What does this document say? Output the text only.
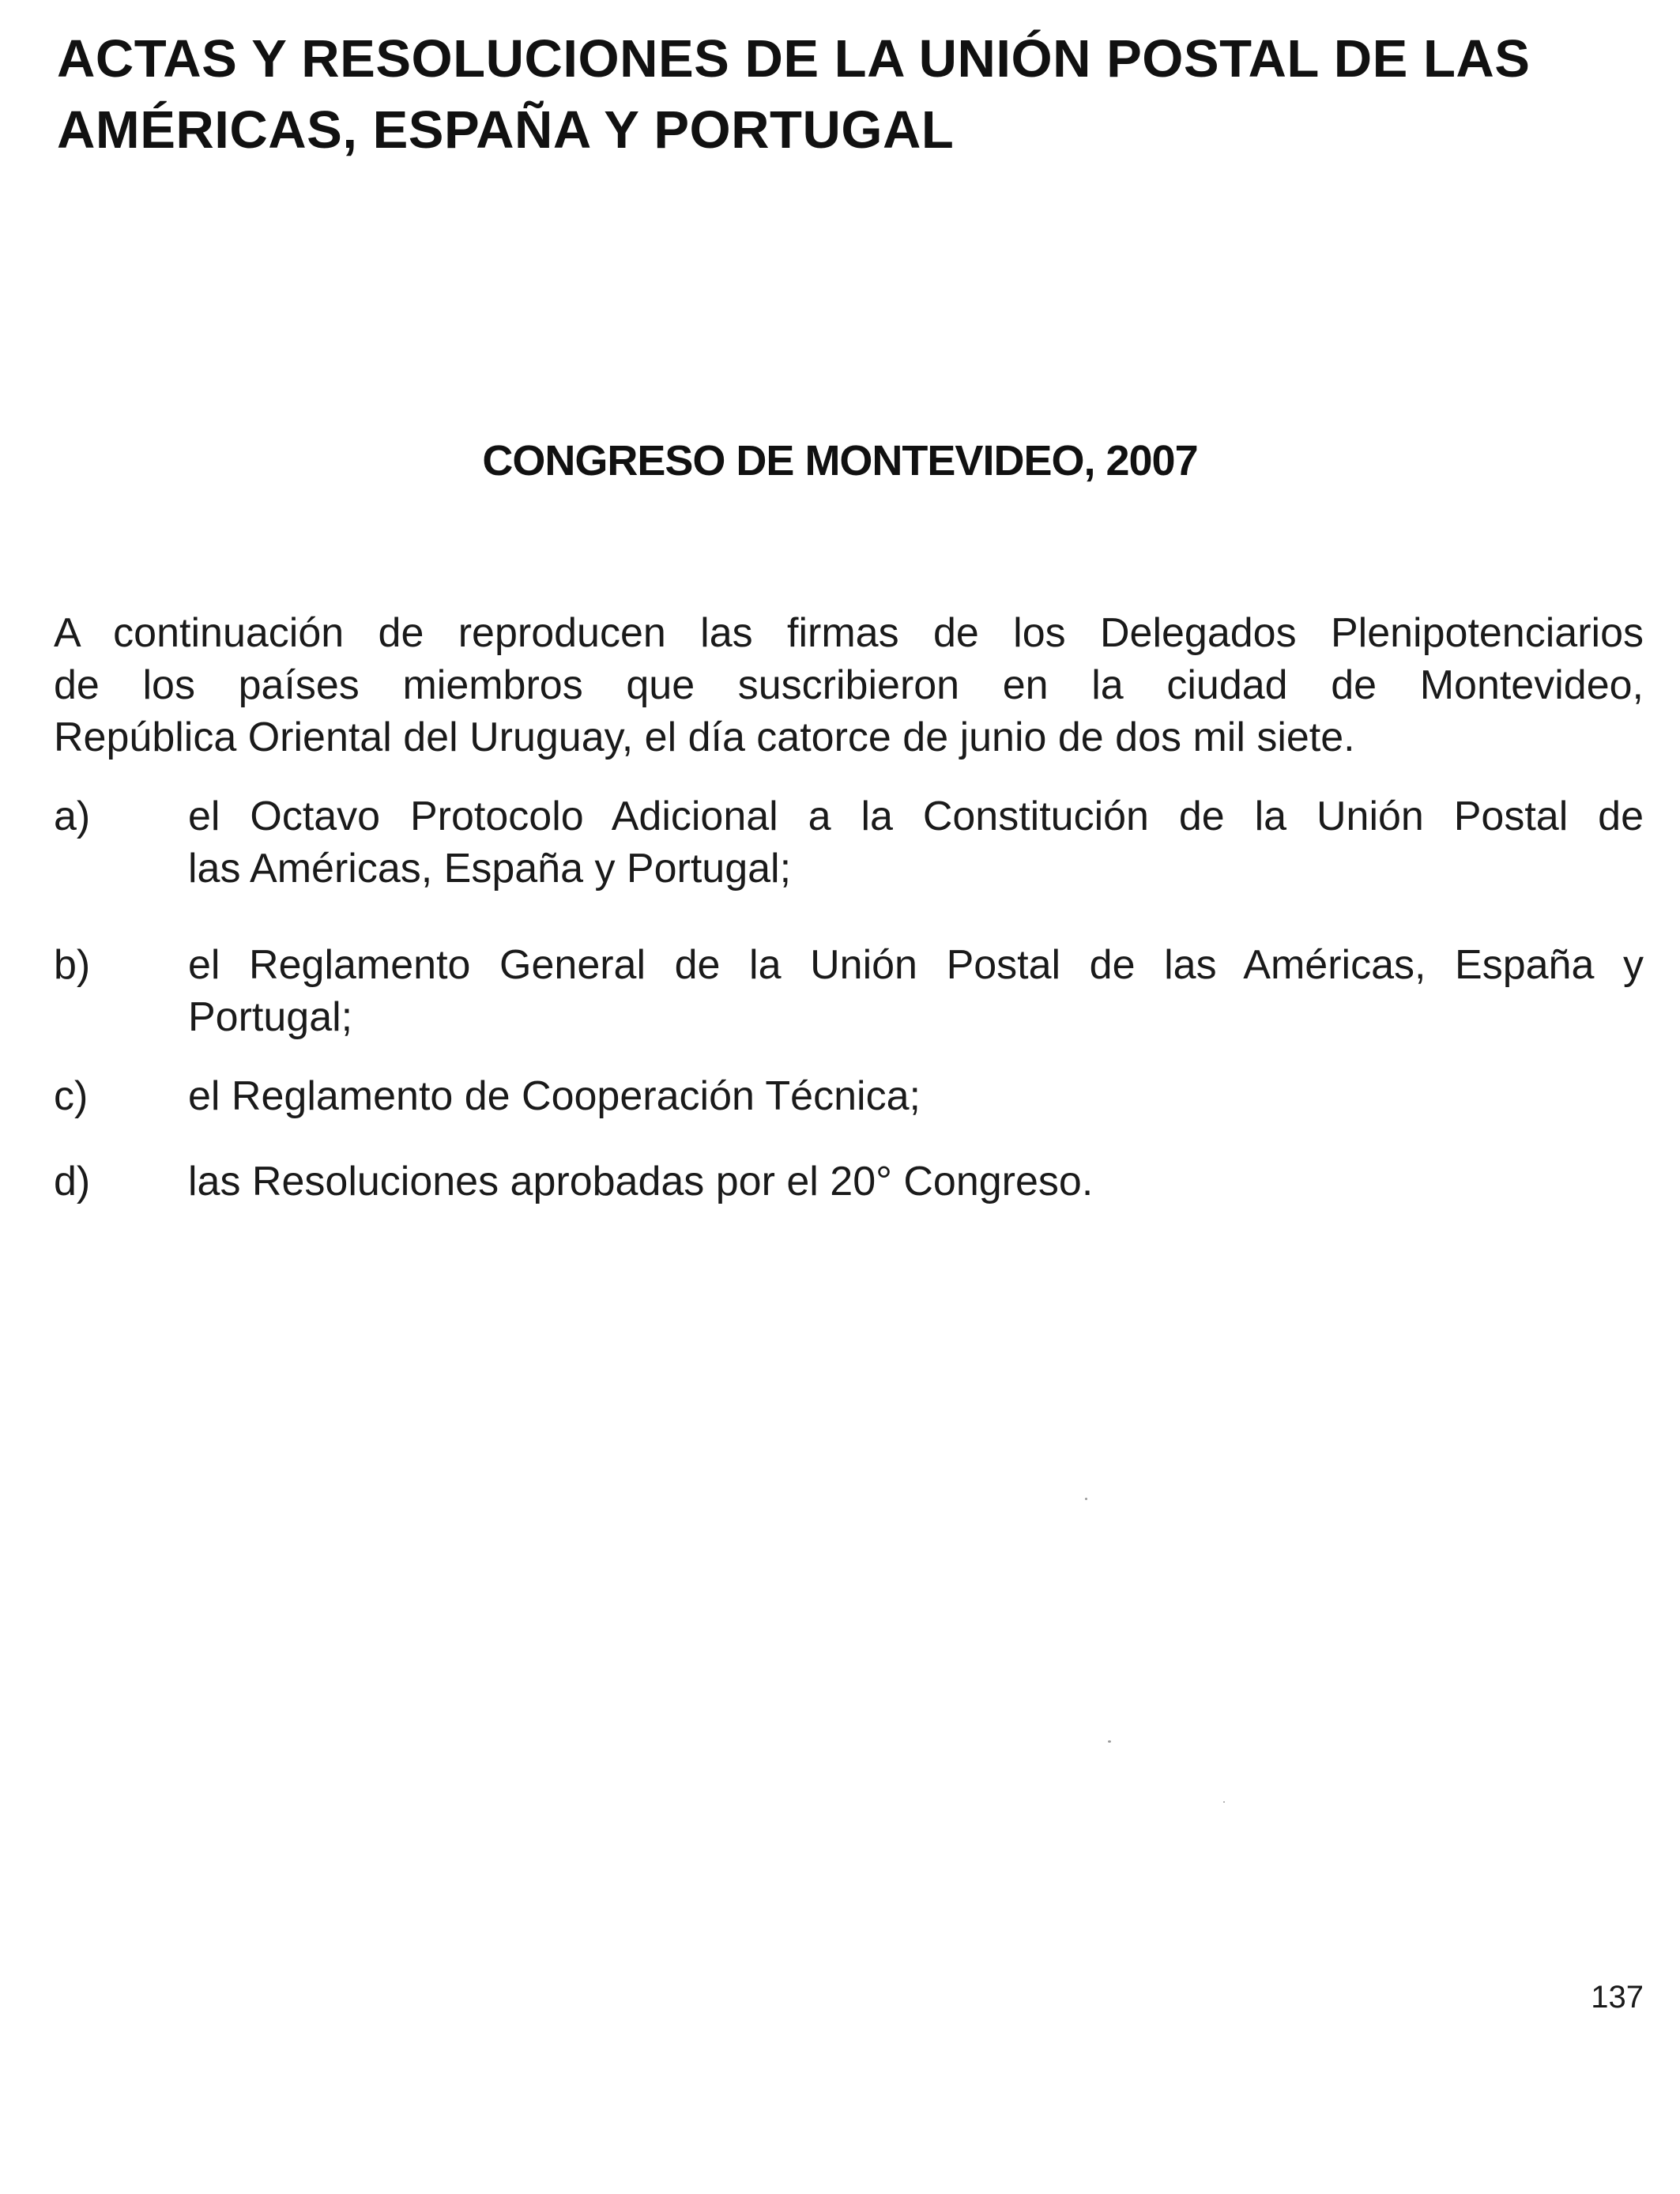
ACTAS Y RESOLUCIONES DE LA UNIÓN POSTAL DE LAS
AMÉRICAS, ESPAÑA Y PORTUGAL
CONGRESO DE MONTEVIDEO, 2007

A continuación de reproducen las firmas de los Delegados Plenipotenciarios
de los países miembros que suscribieron en la ciudad de Montevideo,
República Oriental del Uruguay, el día catorce de junio de dos mil siete.

a)	el Octavo Protocolo Adicional a la Constitución de la Unión Postal de
las Américas, España y Portugal;
b)	el Reglamento General de la Unión Postal de las Américas, España y
Portugal;
c)	el Reglamento de Cooperación Técnica;
d)	las Resoluciones aprobadas por el 20° Congreso.
137
